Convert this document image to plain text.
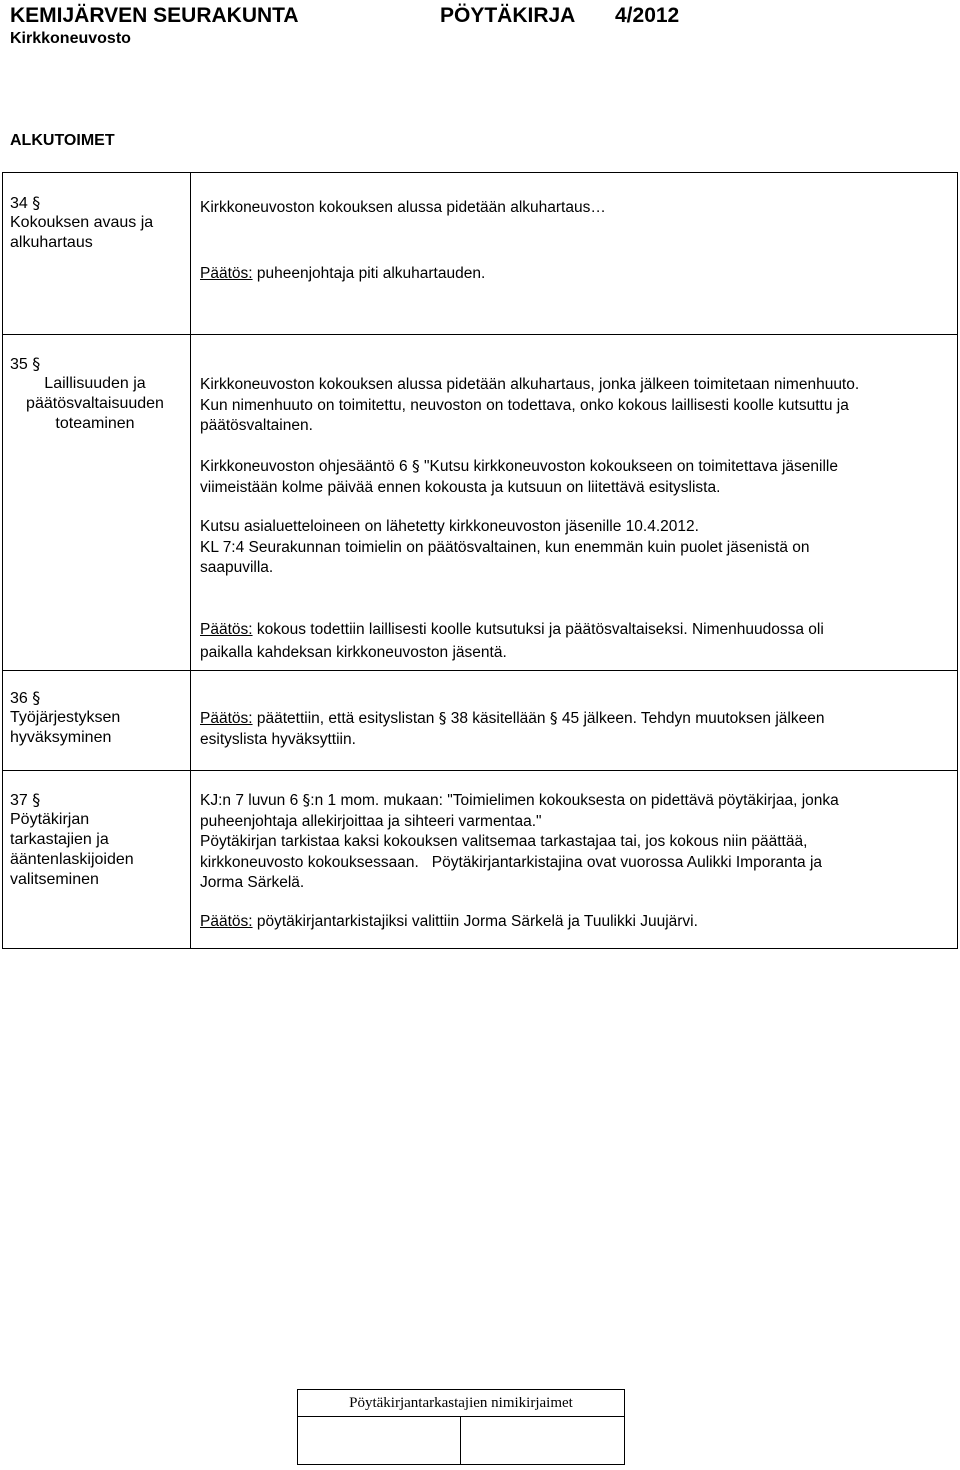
KEMIJÄRVEN SEURAKUNTA	PÖYTÄKIRJA 4/2012
Kirkkoneuvosto
ALKUTOIMET
34 §
Kokouksen avaus ja
alkuhartaus
Kirkkoneuvoston kokouksen alussa pidetään alkuhartaus…
Päätös: puheenjohtaja piti alkuhartauden.
35 §
Laillisuuden ja
päätösvaltaisuuden
toteaminen
Kirkkoneuvoston kokouksen alussa pidetään alkuhartaus, jonka jälkeen toimitetaan nimenhuuto.
Kun nimenhuuto on toimitettu, neuvoston on todettava, onko kokous laillisesti koolle kutsuttu ja
päätösvaltainen.
Kirkkoneuvoston ohjesääntö 6 § "Kutsu kirkkoneuvoston kokoukseen on toimitettava jäsenille
viimeistään kolme päivää ennen kokousta ja kutsuun on liitettävä esityslista.
Kutsu asialuetteloineen on lähetetty kirkkoneuvoston jäsenille 10.4.2012.
KL 7:4 Seurakunnan toimielin on päätösvaltainen, kun enemmän kuin puolet jäsenistä on
saapuvilla.
Päätös: kokous todettiin laillisesti koolle kutsutuksi ja päätösvaltaiseksi. Nimenhuudossa oli
paikalla kahdeksan kirkkoneuvoston jäsentä.
36 §
Työjärjestyksen
hyväksyminen
Päätös: päätettiin, että esityslistan § 38 käsitellään § 45 jälkeen. Tehdyn muutoksen jälkeen
esityslista hyväksyttiin.
37 §
Pöytäkirjan
tarkastajien ja
ääntenlaskijoiden
valitseminen
KJ:n 7 luvun 6 §:n 1 mom. mukaan: "Toimielimen kokouksesta on pidettävä pöytäkirjaa, jonka
puheenjohtaja allekirjoittaa ja sihteeri varmentaa."
Pöytäkirjan tarkistaa kaksi kokouksen valitsemaa tarkastajaa tai, jos kokous niin päättää,
kirkkoneuvosto kokouksessaan.   Pöytäkirjantarkistajina ovat vuorossa Aulikki Imporanta ja
Jorma Särkelä.
Päätös: pöytäkirjantarkistajiksi valittiin Jorma Särkelä ja Tuulikki Juujärvi.
Pöytäkirjantarkastajien nimikirjaimet
